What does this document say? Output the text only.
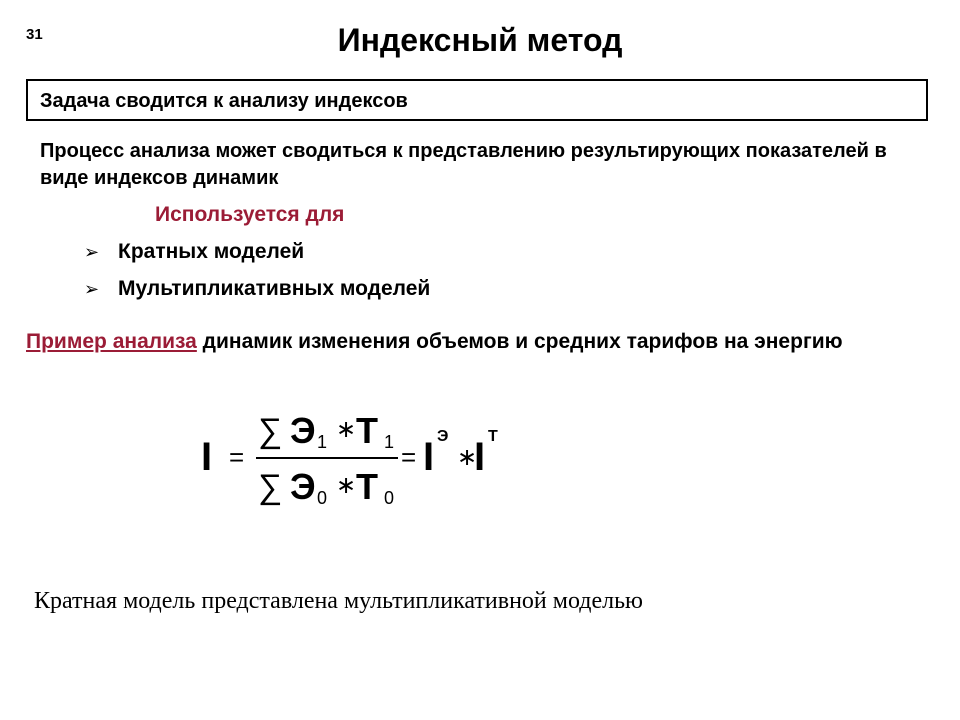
31	Индексный метод
Задача сводится к анализу индексов
Процесс анализа может сводиться к представлению результирующих показателей в виде индексов динамик
Используется для
➢ Кратных моделей
➢ Мультипликативных моделей
Пример анализа динамик изменения объемов и средних тарифов на энергию
I =
∑ Э 1 ∗ Т 1
∑ Э 0 ∗ Т 0
= I Э
∗
I Т
Кратная модель представлена мультипликативной моделью
